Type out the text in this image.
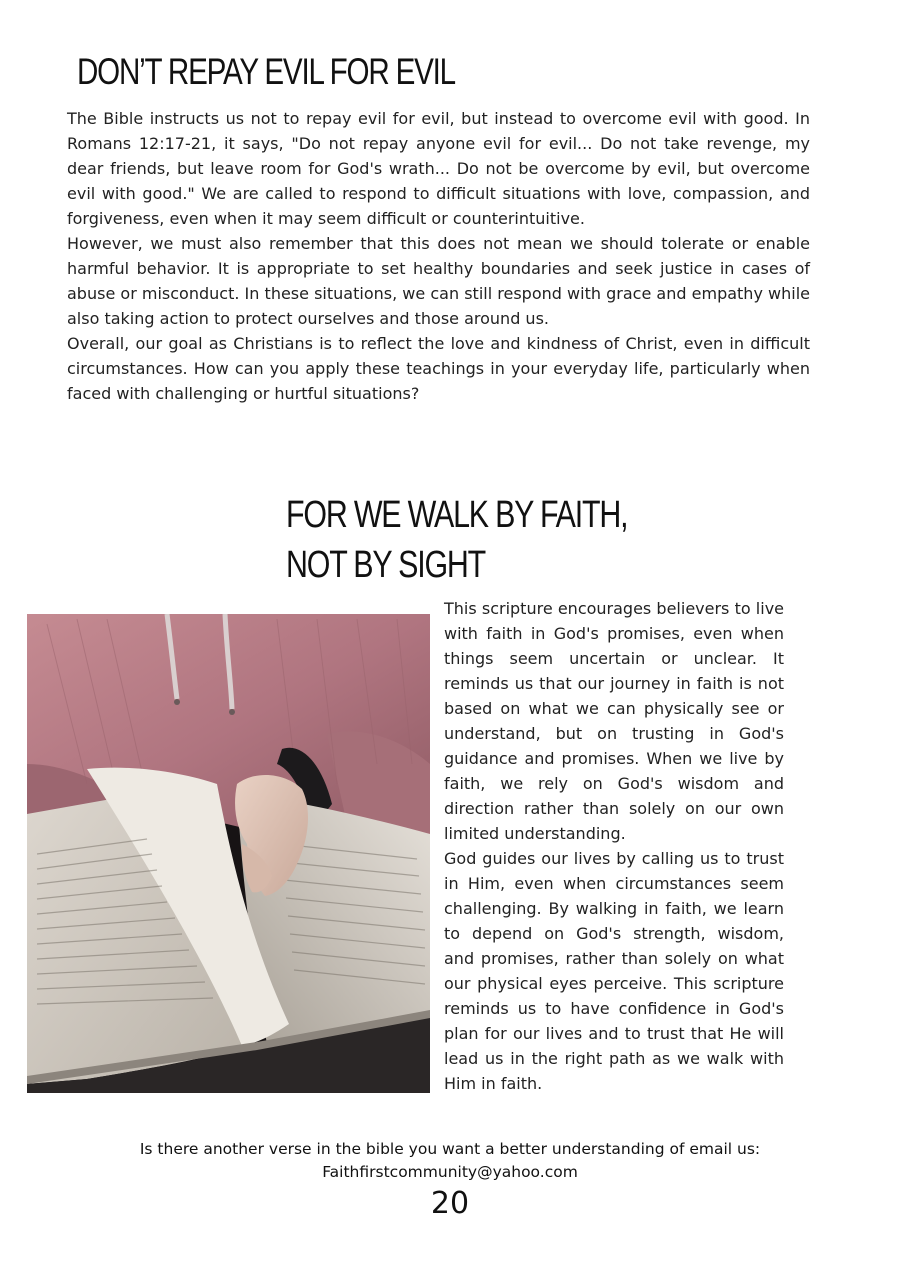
DON’T REPAY EVIL FOR EVIL

The Bible instructs us not to repay evil for evil, but instead to overcome evil with good. In Romans 12:17-21, it says, "Do not repay anyone evil for evil... Do not take revenge, my dear friends, but leave room for God's wrath... Do not be overcome by evil, but overcome evil with good." We are called to respond to difficult situations with love, compassion, and forgiveness, even when it may seem difficult or counterintuitive.

However, we must also remember that this does not mean we should tolerate or enable harmful behavior. It is appropriate to set healthy boundaries and seek justice in cases of abuse or misconduct. In these situations, we can still respond with grace and empathy while also taking action to protect ourselves and those around us.

Overall, our goal as Christians is to reflect the love and kindness of Christ, even in difficult circumstances. How can you apply these teachings in your everyday life, particularly when faced with challenging or hurtful situations?

FOR WE WALK BY FAITH,
NOT BY SIGHT

This scripture encourages believers to live with faith in God's promises, even when things seem uncertain or unclear. It reminds us that our journey in faith is not based on what we can physically see or understand, but on trusting in God's guidance and promises. When we live by faith, we rely on God's wisdom and direction rather than solely on our own limited understanding.

God guides our lives by calling us to trust in Him, even when circumstances seem challenging. By walking in faith, we learn to depend on God's strength, wisdom, and promises, rather than solely on what our physical eyes perceive. This scripture reminds us to have confidence in God's plan for our lives and to trust that He will lead us in the right path as we walk with Him in faith.

Is there another verse in the bible you want a better understanding of email us:
Faithfirstcommunity@yahoo.com
20
